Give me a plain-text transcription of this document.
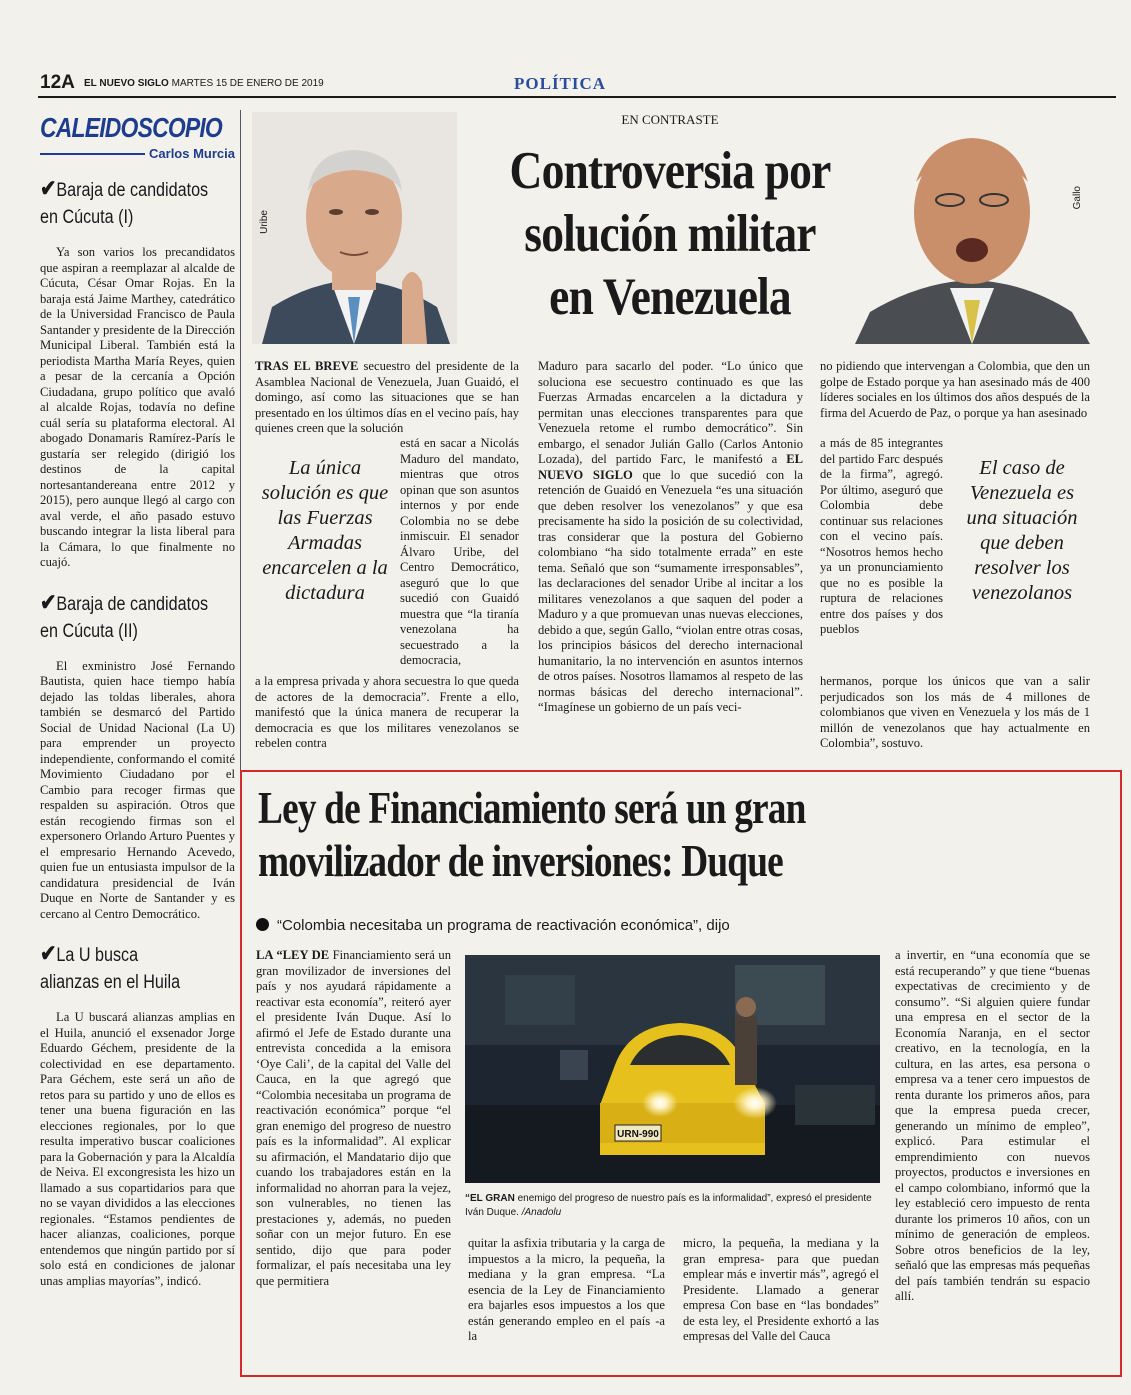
12A EL NUEVO SIGLO MARTES 15 DE ENERO DE 2019	POLÍTICA
CALEIDOSCOPIO
Carlos Murcia
✔Baraja de candidatos
en Cúcuta (I)

Ya son varios los precandidatos que aspiran a reemplazar al alcalde de Cúcuta, César Omar Rojas. En la baraja está Jaime Marthey, catedrático de la Universidad Francisco de Paula Santander y presidente de la Dirección Municipal Liberal. También está la periodista Martha María Reyes, quien a pesar de la cercanía a Opción Ciudadana, grupo político que avaló al alcalde Rojas, todavía no define cuál sería su plataforma electoral. Al abogado Donamaris Ramírez-París le gustaría ser relegido (dirigió los destinos de la capital nortesantandereana entre 2012 y 2015), pero aunque llegó al cargo con aval verde, el año pasado estuvo buscando integrar la lista liberal para la Cámara, lo que finalmente no cuajó.

✔Baraja de candidatos
en Cúcuta (II)

El exministro José Fernando Bautista, quien hace tiempo había dejado las toldas liberales, ahora también se desmarcó del Partido Social de Unidad Nacional (La U) para emprender un proyecto independiente, conformando el comité Movimiento Ciudadano por el Cambio para recoger firmas que respalden su aspiración. Otros que están recogiendo firmas son el expersonero Orlando Arturo Puentes y el empresario Hernando Acevedo, quien fue un entusiasta impulsor de la candidatura presidencial de Iván Duque en Norte de Santander y es cercano al Centro Democrático.

✔La U busca
alianzas en el Huila

La U buscará alianzas amplias en el Huila, anunció el exsenador Jorge Eduardo Géchem, presidente de la colectividad en ese departamento. Para Géchem, este será un año de retos para su partido y uno de ellos es tener una buena figuración en las elecciones regionales, por lo que resulta imperativo buscar coaliciones para la Gobernación y para la Alcaldía de Neiva. El excongresista les hizo un llamado a sus copartidarios para que no se vayan divididos a las elecciones regionales. “Estamos pendientes de hacer alianzas, coaliciones, porque entendemos que ningún partido por sí solo está en condiciones de jalonar unas amplias mayorías”, indicó.

Uribe
Gallo
EN CONTRASTE
Controversia por
solución militar
en Venezuela
TRAS EL BREVE secuestro del presidente de la Asamblea Nacional de Venezuela, Juan Guaidó, el domingo, así como las situaciones que se han presentado en los últimos días en el vecino país, hay quienes creen que la solución
La única solución es que las Fuerzas Armadas encarcelen a la dictadura
está en sacar a Nicolás Maduro del mandato, mientras que otros opinan que son asuntos internos y por ende Colombia no se debe inmiscuir. El senador Álvaro Uribe, del Centro Democrático, aseguró que lo que sucedió con Guaidó muestra que “la tiranía venezolana ha secuestrado a la democracia,
a la empresa privada y ahora secuestra lo que queda de actores de la democracia”. Frente a ello, manifestó que la única manera de recuperar la democracia es que los militares venezolanos se rebelen contra
Maduro para sacarlo del poder. “Lo único que soluciona ese secuestro continuado es que las Fuerzas Armadas encarcelen a la dictadura y permitan unas elecciones transparentes para que Venezuela retome el rumbo democrático”. Sin embargo, el senador Julián Gallo (Carlos Antonio Lozada), del partido Farc, le manifestó a EL NUEVO SIGLO que lo que sucedió con la retención de Guaidó en Venezuela “es una situación que deben resolver los venezolanos” y que esa precisamente ha sido la posición de su colectividad, tras considerar que la postura del Gobierno colombiano “ha sido totalmente errada” en este tema. Señaló que son “sumamente irresponsables”, las declaraciones del senador Uribe al incitar a los militares venezolanos a que saquen del poder a Maduro y a que promuevan unas nuevas elecciones, debido a que, según Gallo, “violan entre otras cosas, los principios básicos del derecho internacional humanitario, la no intervención en asuntos internos de otros países. Nosotros llamamos al respeto de las normas básicas del derecho internacional”. “Imagínese un gobierno de un país veci-
no pidiendo que intervengan a Colombia, que den un golpe de Estado porque ya han asesinado más de 400 líderes sociales en los últimos dos años después de la firma del Acuerdo de Paz, o porque ya han asesinado
a más de 85 integrantes del partido Farc después de la firma”, agregó. Por último, aseguró que Colombia debe continuar sus relaciones con el vecino país. “Nosotros hemos hecho ya un pronunciamiento que no es posible la ruptura de relaciones entre dos países y dos pueblos
El caso de Venezuela es una situación que deben resolver los venezolanos
hermanos, porque los únicos que van a salir perjudicados son los más de 4 millones de colombianos que viven en Venezuela y los más de 1 millón de venezolanos que hay actualmente en Colombia”, sostuvo.
Ley de Financiamiento será un gran
movilizador de inversiones: Duque
“Colombia necesitaba un programa de reactivación económica”, dijo
LA “LEY DE Financiamiento será un gran movilizador de inversiones del país y nos ayudará rápidamente a reactivar esta economía”, reiteró ayer el presidente Iván Duque. Así lo afirmó el Jefe de Estado durante una entrevista concedida a la emisora ‘Oye Cali’, de la capital del Valle del Cauca, en la que agregó que “Colombia necesitaba un programa de reactivación económica” porque “el gran enemigo del progreso de nuestro país es la informalidad”. Al explicar su afirmación, el Mandatario dijo que cuando los trabajadores están en la informalidad no ahorran para la vejez, son vulnerables, no tienen las prestaciones y, además, no pueden soñar con un mejor futuro. En ese sentido, dijo que para poder formalizar, el país necesitaba una ley que permitiera
URN-990
“EL GRAN enemigo del progreso de nuestro país es la informalidad”, expresó el presidente Iván Duque. /Anadolu
quitar la asfixia tributaria y la carga de impuestos a la micro, la pequeña, la mediana y la gran empresa. “La esencia de la Ley de Financiamiento era bajarles esos impuestos a los que están generando empleo en el país -a la
micro, la pequeña, la mediana y la gran empresa- para que puedan emplear más e invertir más”, agregó el Presidente. Llamado a generar empresa Con base en “las bondades” de esta ley, el Presidente exhortó a las empresas del Valle del Cauca
a invertir, en “una economía que se está recuperando” y que tiene “buenas expectativas de crecimiento y de consumo”. “Si alguien quiere fundar una empresa en el sector de la Economía Naranja, en el sector creativo, en la tecnología, en la cultura, en las artes, esa persona o empresa va a tener cero impuestos de renta durante los primeros años, para que la empresa pueda crecer, generando un mínimo de empleo”, explicó. Para estimular el emprendimiento con nuevos proyectos, productos e inversiones en el campo colombiano, informó que la ley estableció cero impuesto de renta durante los primeros 10 años, con un mínimo de generación de empleos. Sobre otros beneficios de la ley, señaló que las empresas más pequeñas del país también tendrán su espacio allí.
